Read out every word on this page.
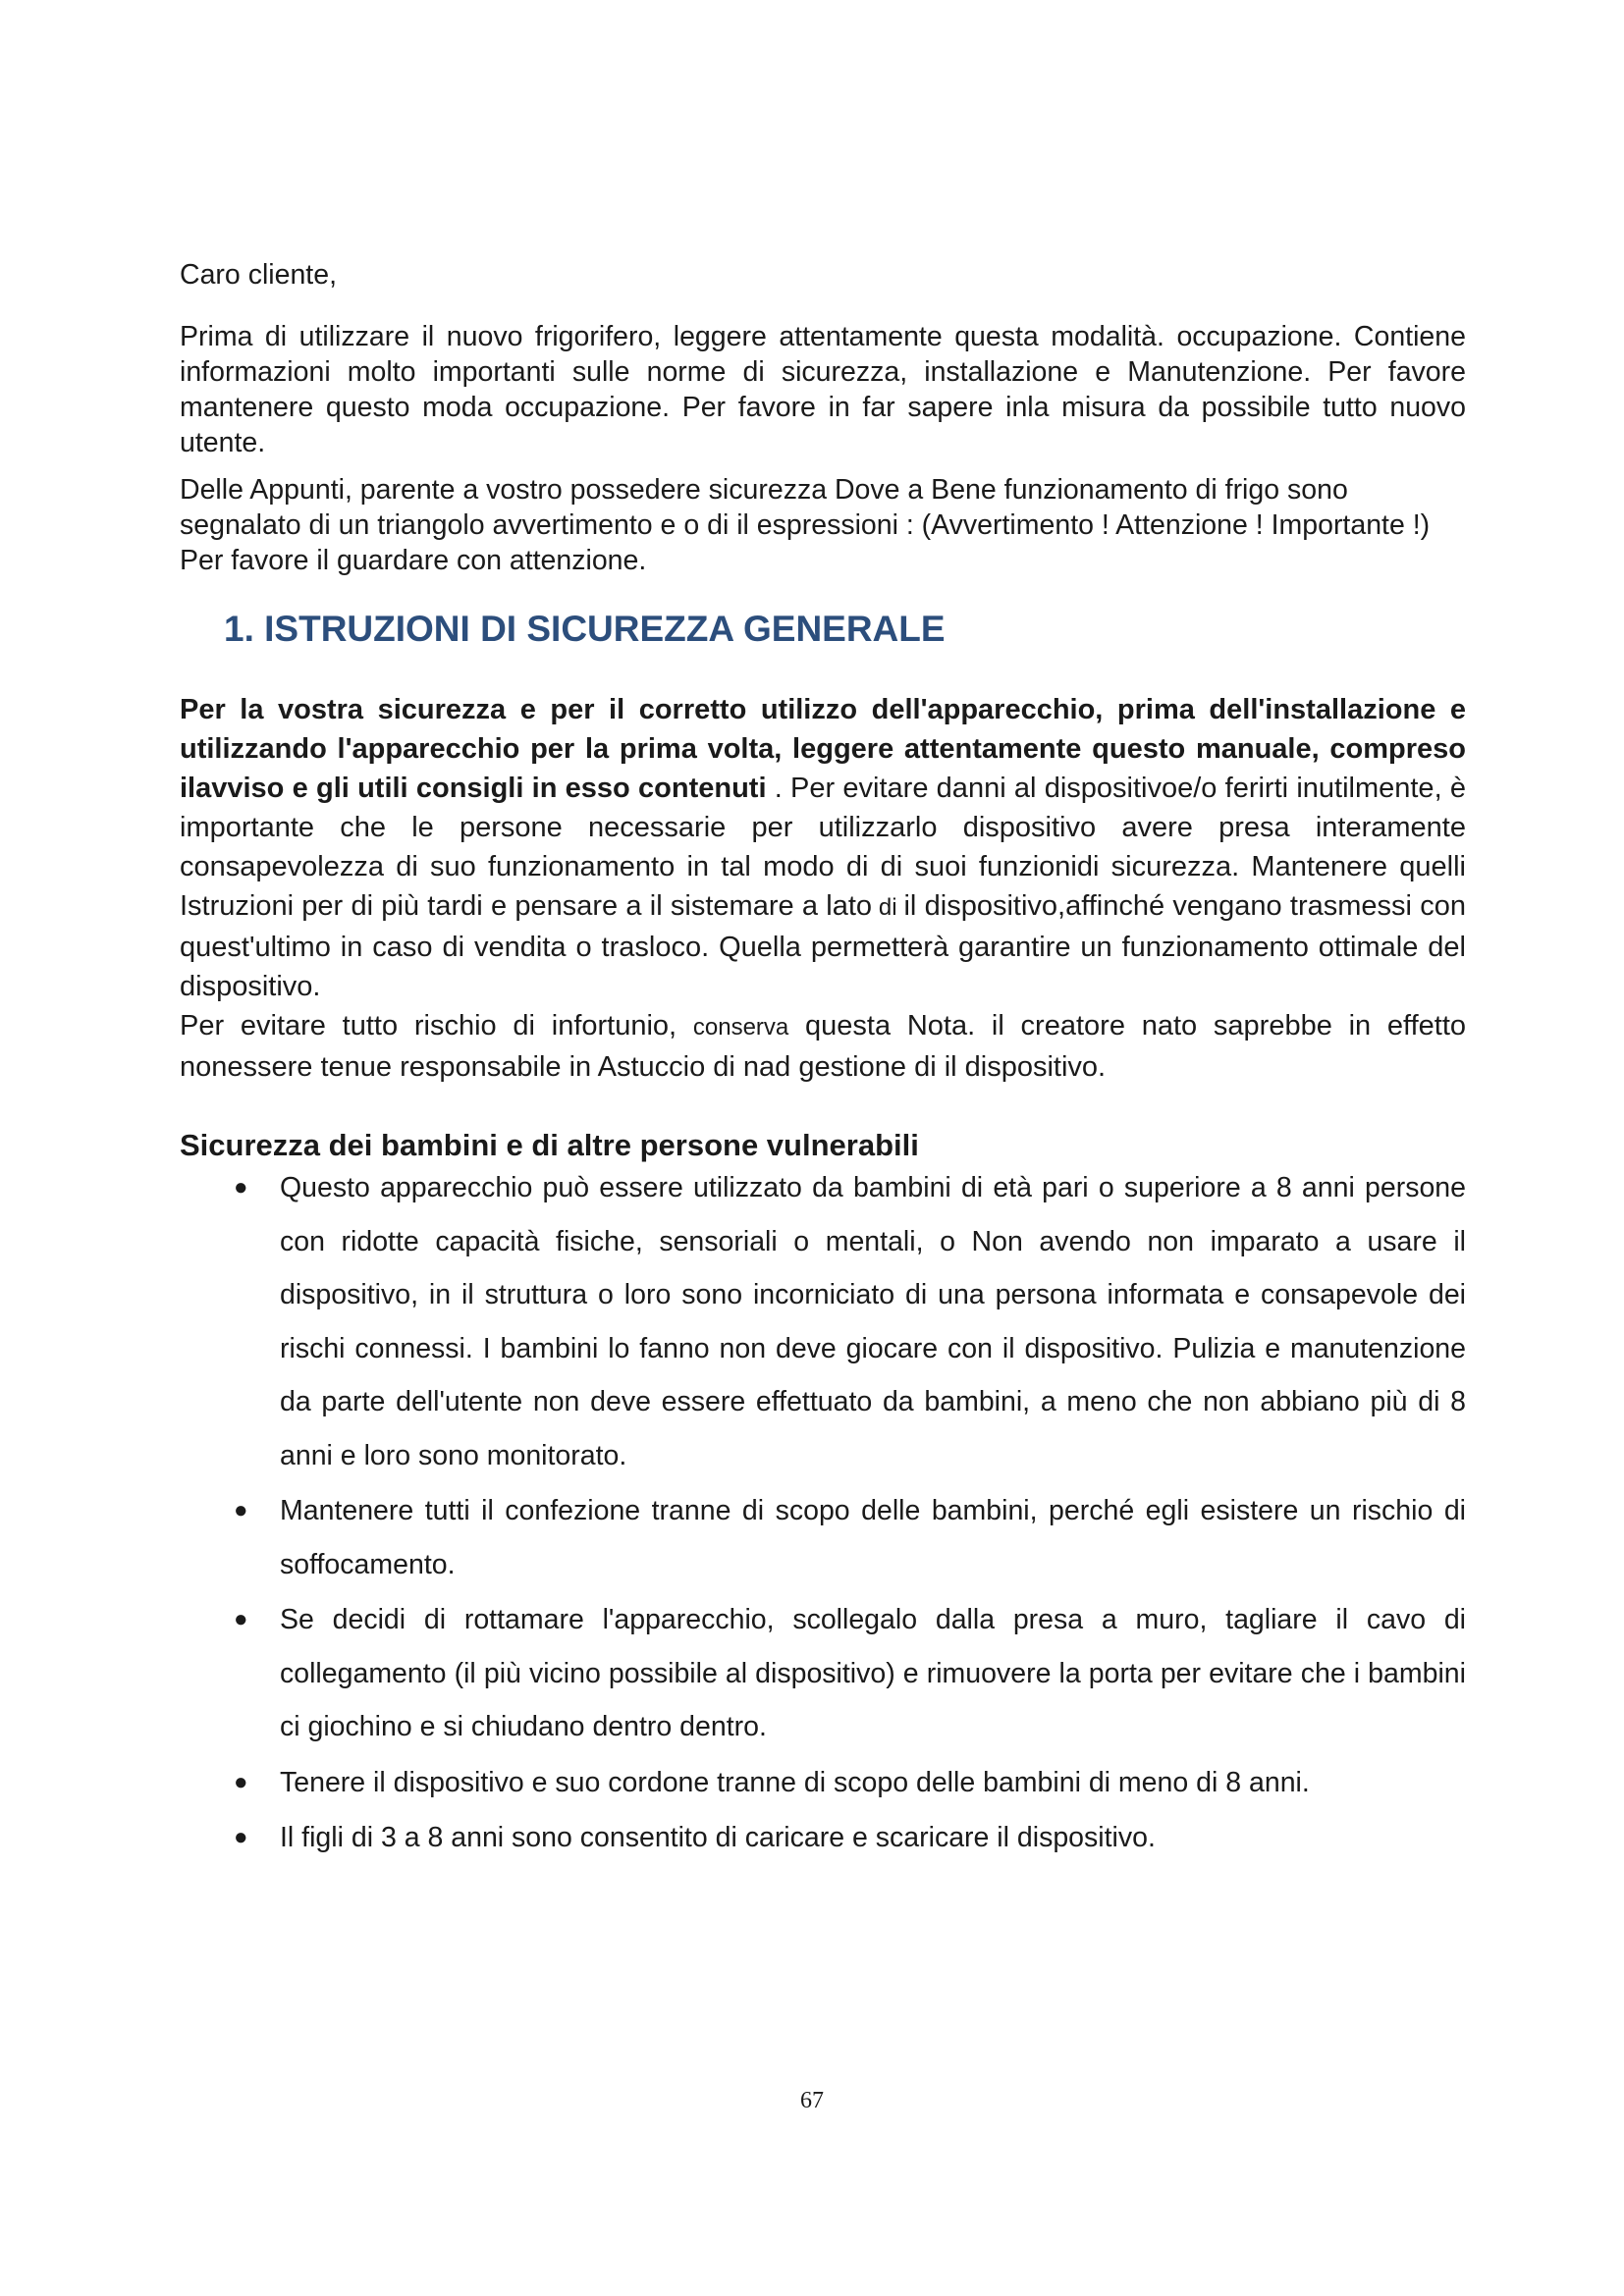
Caro cliente,

Prima di utilizzare il nuovo frigorifero, leggere attentamente questa modalità. occupazione. Contiene informazioni molto importanti sulle norme di sicurezza, installazione e Manutenzione. Per favore mantenere questo moda occupazione. Per favore in far sapere inla misura da possibile tutto nuovo utente.

Delle Appunti, parente a vostro possedere sicurezza Dove a Bene funzionamento di frigo sono segnalato di un triangolo avvertimento e o di il espressioni : (Avvertimento ! Attenzione ! Importante !) Per favore il guardare con attenzione.

1. ISTRUZIONI DI SICUREZZA GENERALE

Per la vostra sicurezza e per il corretto utilizzo dell'apparecchio, prima dell'installazione e utilizzando l'apparecchio per la prima volta, leggere attentamente questo manuale, compreso ilavviso e gli utili consigli in esso contenuti . Per evitare danni al dispositivoe/o ferirti inutilmente, è importante che le persone necessarie per utilizzarlo dispositivo avere presa interamente consapevolezza di suo funzionamento in tal modo di di suoi funzionidi sicurezza. Mantenere quelli Istruzioni per di più tardi e pensare a il sistemare a lato di il dispositivo,affinché vengano trasmessi con quest'ultimo in caso di vendita o trasloco. Quella permetterà garantire un funzionamento ottimale del dispositivo.
Per evitare tutto rischio di infortunio, conserva questa Nota. il creatore nato saprebbe in effetto nonessere tenue responsabile in Astuccio di nad gestione di il dispositivo.

Sicurezza dei bambini e di altre persone vulnerabili
● Questo apparecchio può essere utilizzato da bambini di età pari o superiore a 8 anni persone con ridotte capacità fisiche, sensoriali o mentali, o Non avendo non imparato a usare il dispositivo, in il struttura o loro sono incorniciato di una persona informata e consapevole dei rischi connessi. I bambini lo fanno non deve giocare con il dispositivo. Pulizia e manutenzione da parte dell'utente non deve essere effettuato da bambini, a meno che non abbiano più di 8 anni e loro sono monitorato.
● Mantenere tutti il confezione tranne di scopo delle bambini, perché egli esistere un rischio di soffocamento.
● Se decidi di rottamare l'apparecchio, scollegalo dalla presa a muro, tagliare il cavo di collegamento (il più vicino possibile al dispositivo) e rimuovere la porta per evitare che i bambini ci giochino e si chiudano dentro dentro.
● Tenere il dispositivo e suo cordone tranne di scopo delle bambini di meno di 8 anni.
● Il figli di 3 a 8 anni sono consentito di caricare e scaricare il dispositivo.

67
